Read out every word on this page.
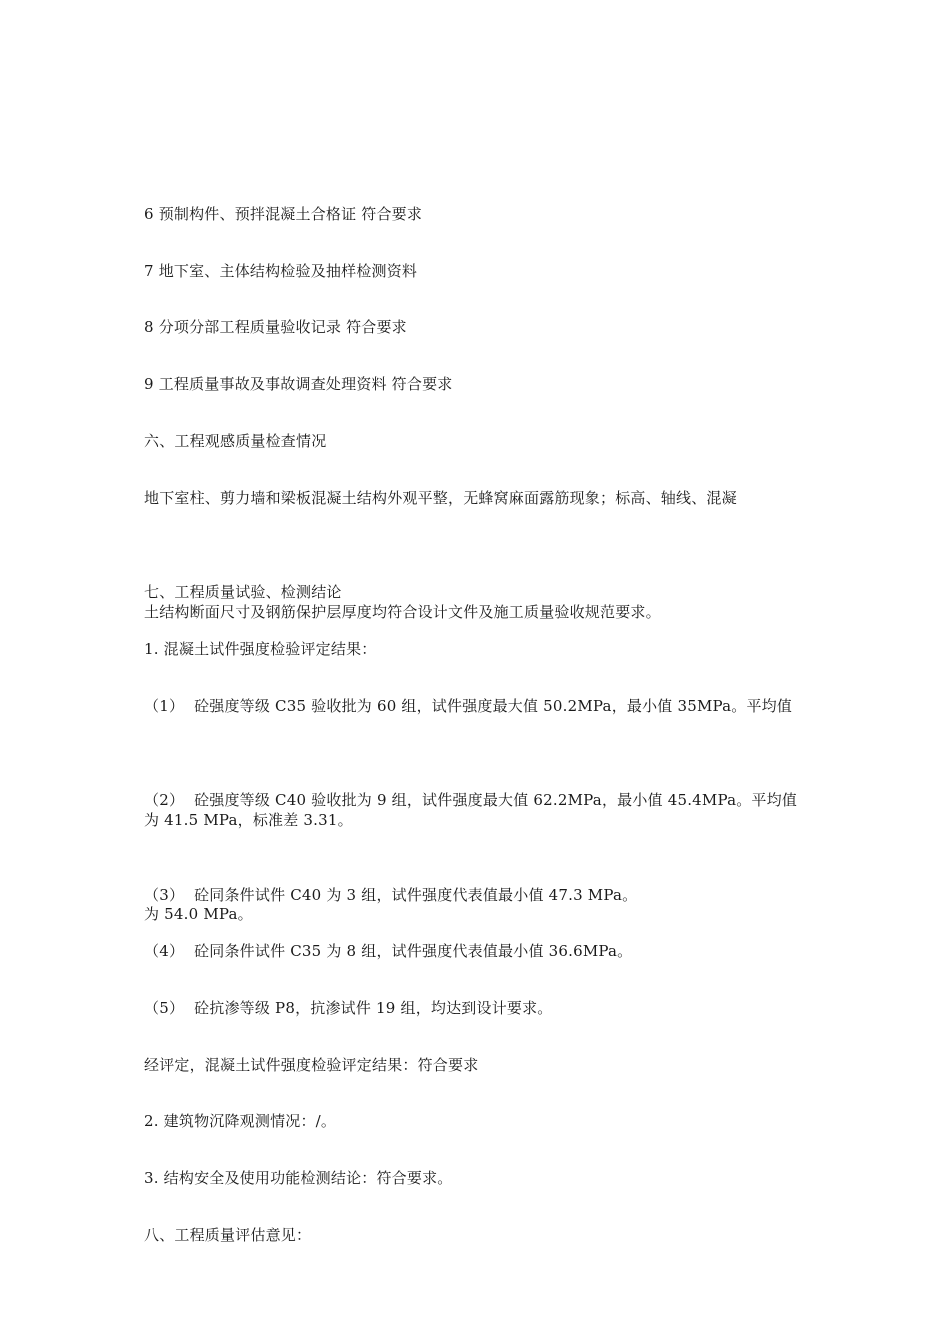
6 预制构件、预拌混凝土合格证 符合要求

7 地下室、主体结构检验及抽样检测资料

8 分项分部工程质量验收记录 符合要求

9 工程质量事故及事故调查处理资料 符合要求

六、工程观感质量检查情况

地下室柱、剪力墙和梁板混凝土结构外观平整，无蜂窝麻面露筋现象；标高、轴线、混凝

土结构断面尺寸及钢筋保护层厚度均符合设计文件及施工质量验收规范要求。

七、工程质量试验、检测结论

1. 混凝土试件强度检验评定结果：

（1）  砼强度等级 C35 验收批为 60 组，试件强度最大值 50.2MPa，最小值 35MPa。平均值

为 41.5 MPa，标准差 3.31。

（2）  砼强度等级 C40 验收批为 9 组，试件强度最大值 62.2MPa，最小值 45.4MPa。平均值

为 54.0 MPa。

（3）  砼同条件试件 C40 为 3 组，试件强度代表值最小值 47.3 MPa。

（4）  砼同条件试件 C35 为 8 组，试件强度代表值最小值 36.6MPa。

（5）  砼抗渗等级 P8，抗渗试件 19 组，均达到设计要求。

经评定，混凝土试件强度检验评定结果：符合要求

2. 建筑物沉降观测情况：/。

3. 结构安全及使用功能检测结论：符合要求。

八、工程质量评估意见：
